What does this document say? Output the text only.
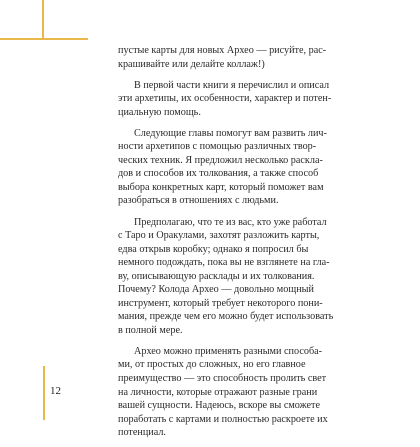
пустые карты для новых Архео — рисуйте, рас-
крашивайте или делайте коллаж!)
В первой части книги я перечислил и описал
эти архетипы, их особенности, характер и потен-
циальную помощь.
Следующие главы помогут вам развить лич-
ности архетипов с помощью различных твор-
ческих техник. Я предложил несколько расклa-
дов и способов их толкования, а также способ
выбора конкретных карт, который поможет вам
разобраться в отношениях с людьми.
Предполагаю, что те из вас, кто уже работал
с Таро и Оракулами, захотят разложить карты,
едва открыв коробку; однако я попросил бы
немного подождать, пока вы не взглянете на гла-
ву, описывающую расклады и их толкования.
Почему? Колода Архео — довольно мощный
инструмент, который требует некоторого пони-
мания, прежде чем его можно будет использовать
в полной мере.
Архео можно применять разными способа-
ми, от простых до сложных, но его главное
преимущество — это способность пролить свет
на личности, которые отражают разные грани
вашей сущности. Надеюсь, вскоре вы сможете
поработать с картами и полностью раскроете их
потенциал.
12
